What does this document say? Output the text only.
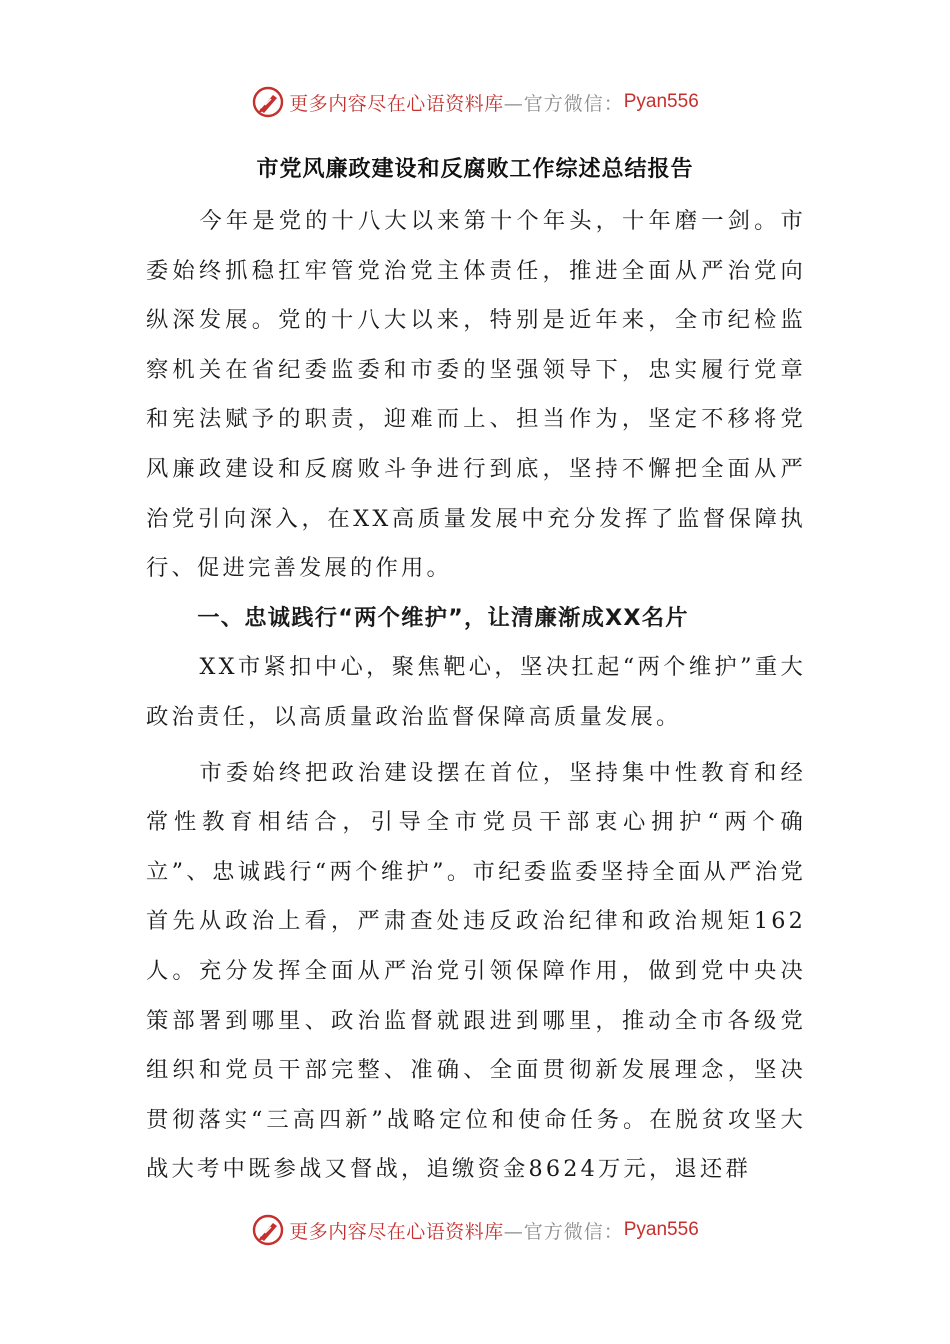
更多内容尽在心语资料库 —官方微信： Pyan556
市党风廉政建设和反腐败工作综述总结报告

今年是党的十八大以来第十个年头，十年磨一剑。市委始终抓稳扛牢管党治党主体责任，推进全面从严治党向纵深发展。党的十八大以来，特别是近年来，全市纪检监察机关在省纪委监委和市委的坚强领导下，忠实履行党章和宪法赋予的职责，迎难而上、担当作为，坚定不移将党风廉政建设和反腐败斗争进行到底，坚持不懈把全面从严治党引向深入，在XX高质量发展中充分发挥了监督保障执行、促进完善发展的作用。

一、忠诚践行“两个维护”，让清廉渐成XX名片

XX市紧扣中心，聚焦靶心，坚决扛起“两个维护”重大政治责任，以高质量政治监督保障高质量发展。

市委始终把政治建设摆在首位，坚持集中性教育和经常性教育相结合，引导全市党员干部衷心拥护“两个确立”、忠诚践行“两个维护”。市纪委监委坚持全面从严治党首先从政治上看，严肃查处违反政治纪律和政治规矩162人。充分发挥全面从严治党引领保障作用，做到党中央决策部署到哪里、政治监督就跟进到哪里，推动全市各级党组织和党员干部完整、准确、全面贯彻新发展理念，坚决贯彻落实“三高四新”战略定位和使命任务。在脱贫攻坚大战大考中既参战又督战，追缴资金8624万元，退还群

更多内容尽在心语资料库 —官方微信： Pyan556
